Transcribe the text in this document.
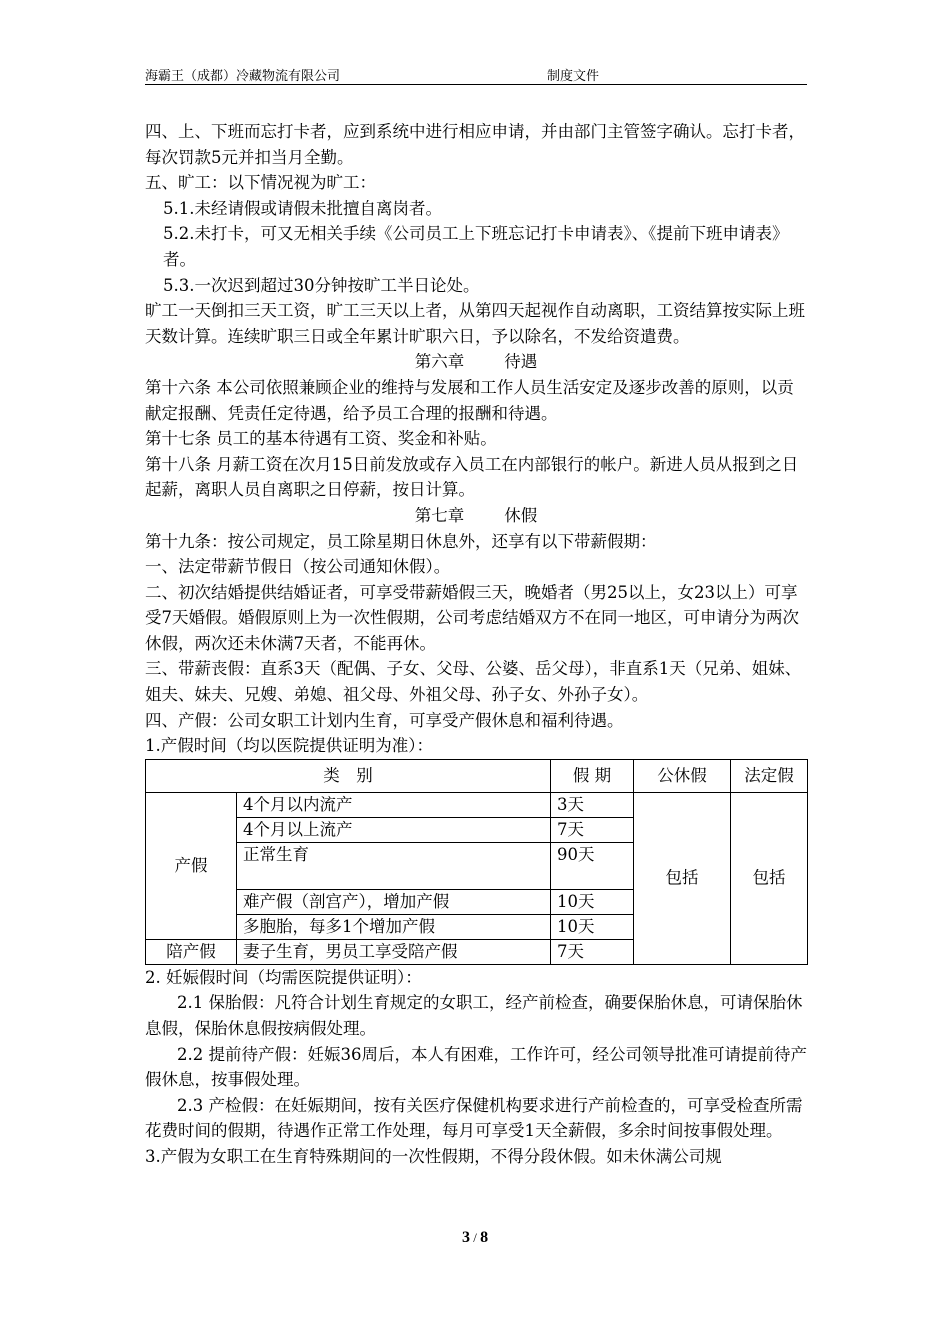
海霸王（成都）冷藏物流有限公司	制度文件

四、上、下班而忘打卡者，应到系统中进行相应申请，并由部门主管签字确认。忘打卡者，每次罚款5元并扣当月全勤。

五、旷工：以下情况视为旷工：

5.1.未经请假或请假未批擅自离岗者。

5.2.未打卡，可又无相关手续《公司员工上下班忘记打卡申请表》、《提前下班申请表》者。

5.3.一次迟到超过30分钟按旷工半日论处。

旷工一天倒扣三天工资，旷工三天以上者，从第四天起视作自动离职，工资结算按实际上班天数计算。连续旷职三日或全年累计旷职六日，予以除名，不发给资遣费。

第六章 待遇

第十六条 本公司依照兼顾企业的维持与发展和工作人员生活安定及逐步改善的原则，以贡献定报酬、凭责任定待遇，给予员工合理的报酬和待遇。

第十七条 员工的基本待遇有工资、奖金和补贴。

第十八条 月薪工资在次月15日前发放或存入员工在内部银行的帐户。新进人员从报到之日起薪，离职人员自离职之日停薪，按日计算。

第七章 休假

第十九条：按公司规定，员工除星期日休息外，还享有以下带薪假期：

一、法定带薪节假日（按公司通知休假）。

二、初次结婚提供结婚证者，可享受带薪婚假三天，晚婚者（男25以上，女23以上）可享受7天婚假。婚假原则上为一次性假期，公司考虑结婚双方不在同一地区，可申请分为两次休假，两次还未休满7天者，不能再休。

三、带薪丧假：直系3天（配偶、子女、父母、公婆、岳父母），非直系1天（兄弟、姐妹、姐夫、妹夫、兄嫂、弟媳、祖父母、外祖父母、孙子女、外孙子女）。

四、产假：公司女职工计划内生育，可享受产假休息和福利待遇。

1.产假时间（均以医院提供证明为准）：

类　别		假 期	公休假	法定假
产假	4个月以内流产	3天	包括	包括
	4个月以上流产	7天		
	正常生育	90天		
	难产假（剖宫产），增加产假	10天		
	多胞胎，每多1个增加产假	10天		
陪产假	妻子生育，男员工享受陪产假	7天		

2. 妊娠假时间（均需医院提供证明）：

2.1 保胎假：凡符合计划生育规定的女职工，经产前检查，确要保胎休息，可请保胎休息假，保胎休息假按病假处理。

2.2 提前待产假：妊娠36周后，本人有困难，工作许可，经公司领导批准可请提前待产假休息，按事假处理。

2.3 产检假：在妊娠期间，按有关医疗保健机构要求进行产前检查的，可享受检查所需花费时间的假期，待遇作正常工作处理，每月可享受1天全薪假，多余时间按事假处理。

3.产假为女职工在生育特殊期间的一次性假期，不得分段休假。如未休满公司规

3 / 8
